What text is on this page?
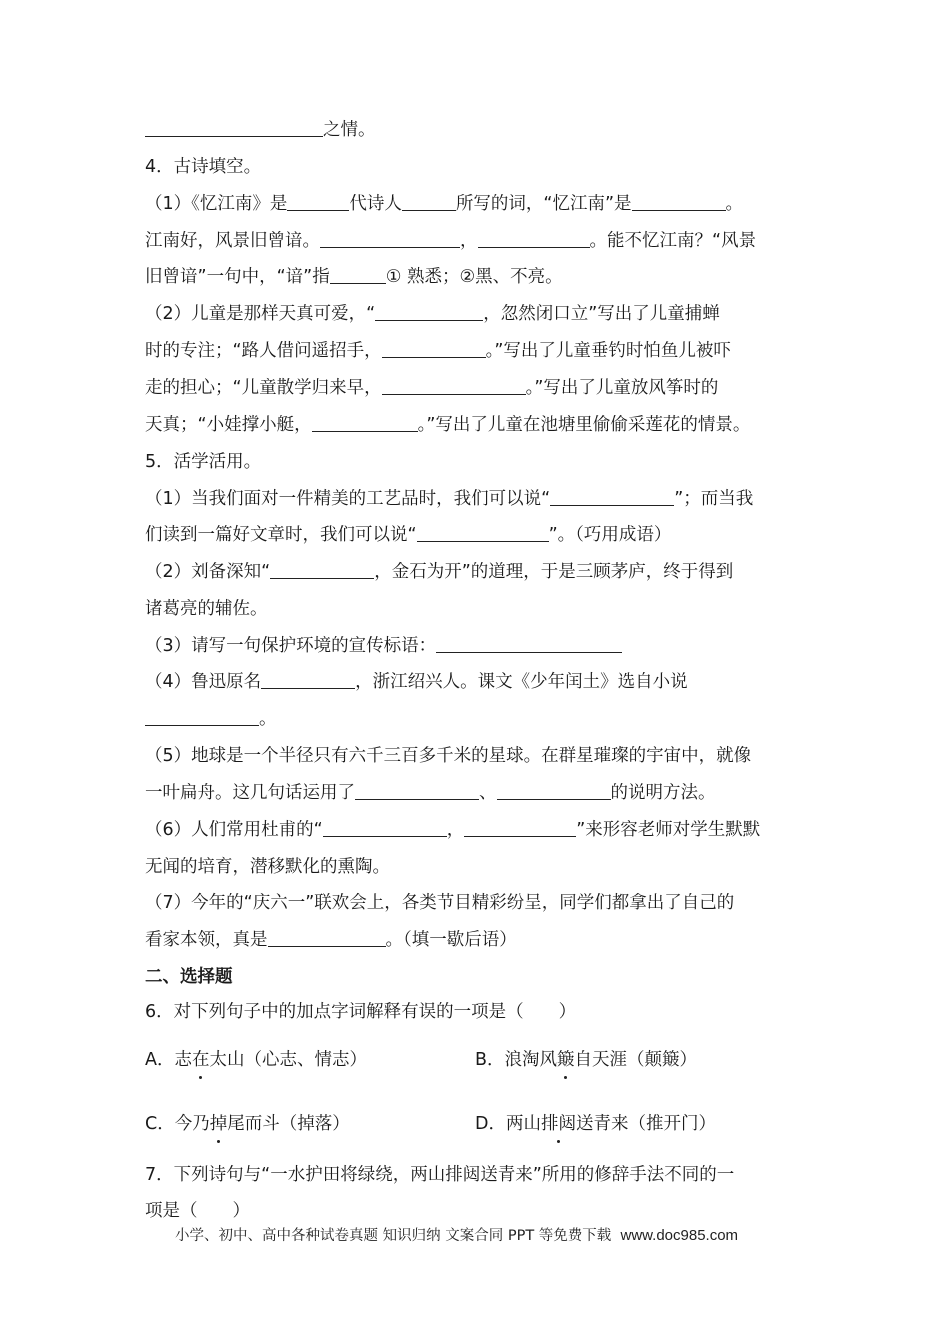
之情。
4．古诗填空。
（1）《忆江南》是	代诗人	所写的词，“忆江南”是	。
江南好，风景旧曾谙。	，	。能不忆江南？“风景
旧曾谙”一句中，“谙”指	① 熟悉；②黑、不亮。
（2）儿童是那样天真可爱，“	，忽然闭口立”写出了儿童捕蝉
时的专注；“路人借问遥招手，	。”写出了儿童垂钓时怕鱼儿被吓
走的担心；“儿童散学归来早，	。”写出了儿童放风筝时的
天真；“小娃撑小艇，	。”写出了儿童在池塘里偷偷采莲花的情景。
5．活学活用。
（1）当我们面对一件精美的工艺品时，我们可以说“	”；而当我
们读到一篇好文章时，我们可以说“	”。（巧用成语）
（2）刘备深知“	，金石为开”的道理，于是三顾茅庐，终于得到
诸葛亮的辅佐。
（3）请写一句保护环境的宣传标语：
（4）鲁迅原名	，浙江绍兴人。课文《少年闰土》选自小说
。
（5）地球是一个半径只有六千三百多千米的星球。在群星璀璨的宇宙中，就像
一叶扁舟。这几句话运用了	、	的说明方法。
（6）人们常用杜甫的“	，	”来形容老师对学生默默
无闻的培育，潜移默化的熏陶。
（7）今年的“庆六一”联欢会上，各类节目精彩纷呈，同学们都拿出了自己的
看家本领，真是	。（填一歇后语）
二、选择题
6．对下列句子中的加点字词解释有误的一项是（　　）
A．志在太山（心志、情志）	B．浪淘风簸自天涯（颠簸）
C．今乃掉尾而斗（掉落）	D．两山排闼送青来（推开门）
7．下列诗句与“一水护田将绿绕，两山排闼送青来”所用的修辞手法不同的一
项是（　　）
小学、初中、高中各种试卷真题 知识归纳 文案合同 PPT 等免费下载 www.doc985.com
